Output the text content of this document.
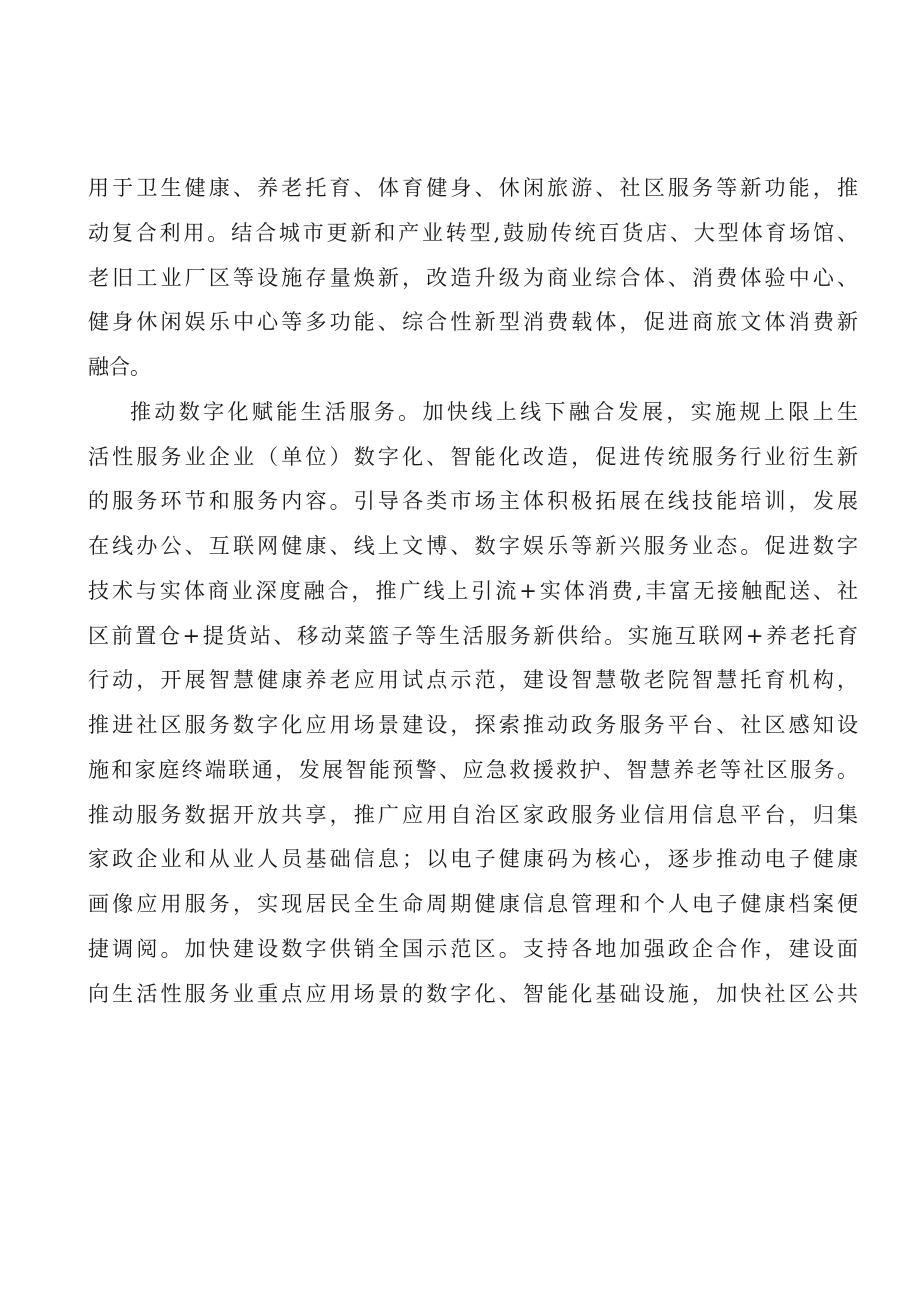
用于卫生健康、养老托育、体育健身、休闲旅游、社区服务等新功能，推
动复合利用。结合城市更新和产业转型,鼓励传统百货店、大型体育场馆、
老旧工业厂区等设施存量焕新，改造升级为商业综合体、消费体验中心、
健身休闲娱乐中心等多功能、综合性新型消费载体，促进商旅文体消费新
融合。
推动数字化赋能生活服务。加快线上线下融合发展，实施规上限上生
活性服务业企业（单位）数字化、智能化改造，促进传统服务行业衍生新
的服务环节和服务内容。引导各类市场主体积极拓展在线技能培训，发展
在线办公、互联网健康、线上文博、数字娱乐等新兴服务业态。促进数字
技术与实体商业深度融合，推广线上引流+实体消费,丰富无接触配送、社
区前置仓+提货站、移动菜篮子等生活服务新供给。实施互联网+养老托育
行动，开展智慧健康养老应用试点示范，建设智慧敬老院智慧托育机构，
推进社区服务数字化应用场景建设，探索推动政务服务平台、社区感知设
施和家庭终端联通，发展智能预警、应急救援救护、智慧养老等社区服务。
推动服务数据开放共享，推广应用自治区家政服务业信用信息平台，归集
家政企业和从业人员基础信息；以电子健康码为核心，逐步推动电子健康
画像应用服务，实现居民全生命周期健康信息管理和个人电子健康档案便
捷调阅。加快建设数字供销全国示范区。支持各地加强政企合作，建设面
向生活性服务业重点应用场景的数字化、智能化基础设施，加快社区公共
